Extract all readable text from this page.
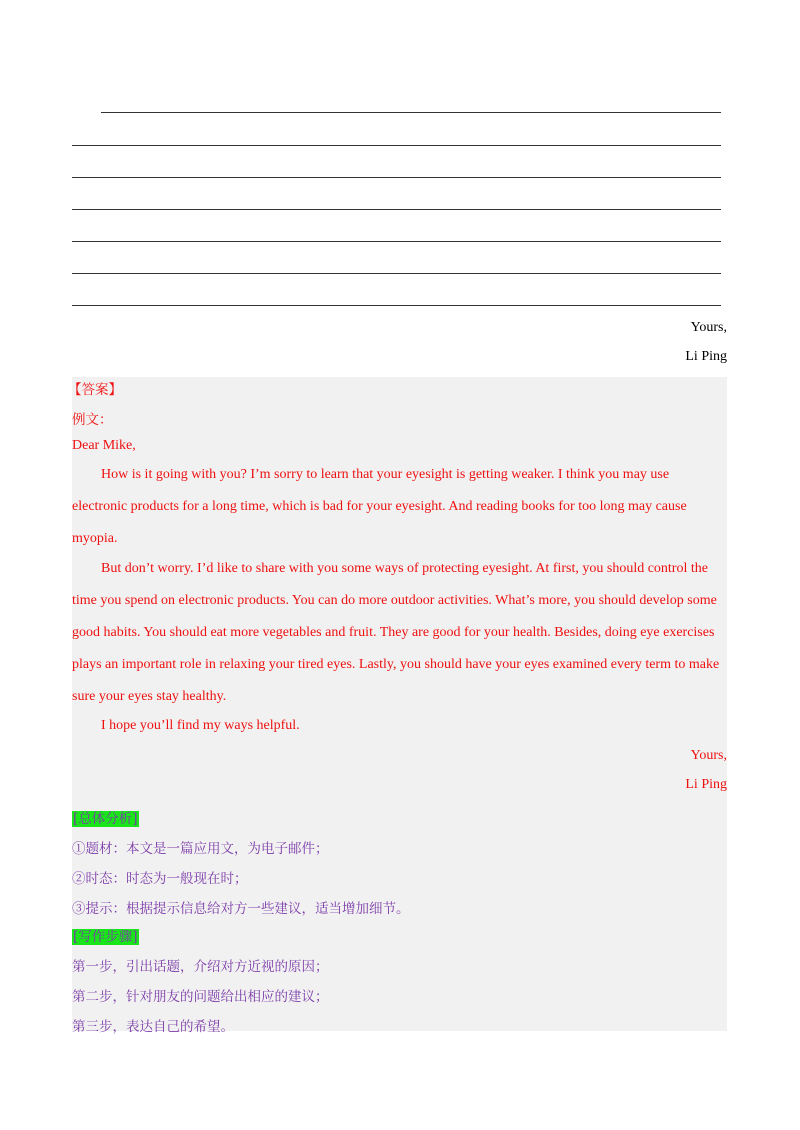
Yours,
Li Ping
【答案】
例文：
Dear Mike,
How is it going with you? I’m sorry to learn that your eyesight is getting weaker. I think you may use
electronic products for a long time, which is bad for your eyesight. And reading books for too long may cause
myopia.
But don’t worry. I’d like to share with you some ways of protecting eyesight. At first, you should control the
time you spend on electronic products. You can do more outdoor activities. What’s more, you should develop some
good habits. You should eat more vegetables and fruit. They are good for your health. Besides, doing eye exercises
plays an important role in relaxing your tired eyes. Lastly, you should have your eyes examined every term to make
sure your eyes stay healthy.
I hope you’ll find my ways helpful.
Yours,
Li Ping
[总体分析]
①题材：本文是一篇应用文，为电子邮件；
②时态：时态为一般现在时；
③提示：根据提示信息给对方一些建议，适当增加细节。
[写作步骤]
第一步，引出话题，介绍对方近视的原因；
第二步，针对朋友的问题给出相应的建议；
第三步，表达自己的希望。
